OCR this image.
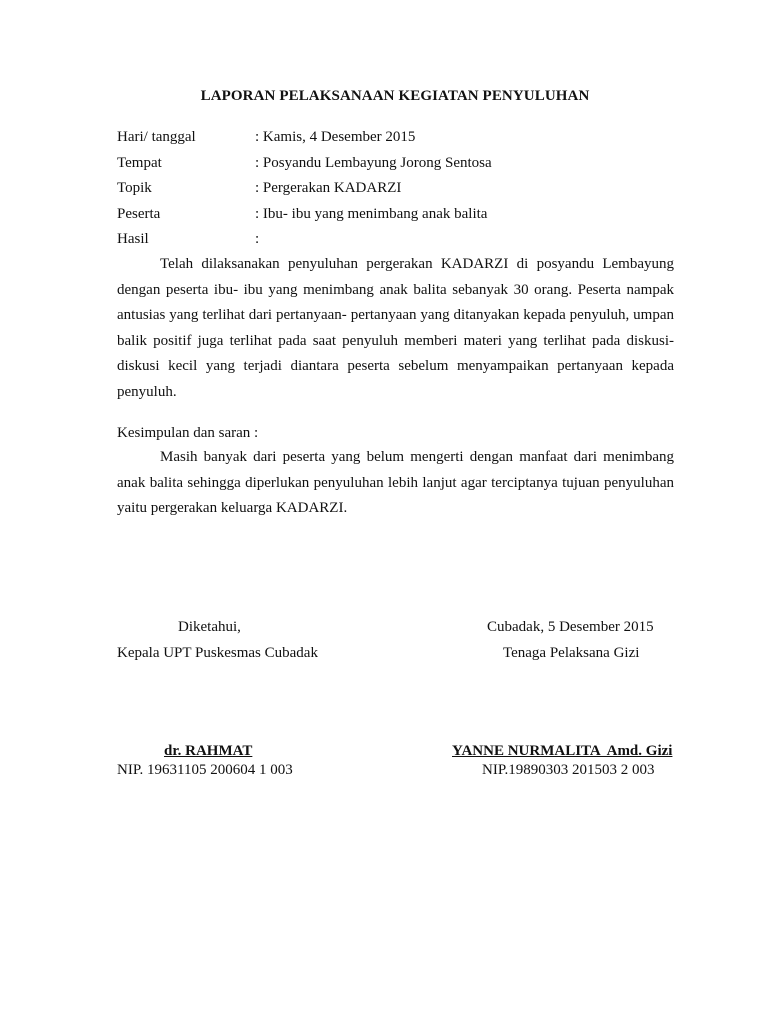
LAPORAN PELAKSANAAN KEGIATAN PENYULUHAN
Hari/ tanggal	: Kamis, 4 Desember 2015
Tempat	: Posyandu Lembayung Jorong Sentosa
Topik	: Pergerakan KADARZI
Peserta	: Ibu- ibu yang menimbang anak balita
Hasil	:

Telah dilaksanakan penyuluhan pergerakan KADARZI di posyandu Lembayung dengan peserta ibu- ibu yang menimbang anak balita sebanyak 30 orang. Peserta nampak antusias yang terlihat dari pertanyaan- pertanyaan yang ditanyakan kepada penyuluh, umpan balik positif juga terlihat pada saat penyuluh memberi materi yang terlihat pada diskusi- diskusi kecil yang terjadi diantara peserta sebelum menyampaikan pertanyaan kepada penyuluh.

Kesimpulan dan saran :

Masih banyak dari peserta yang belum mengerti dengan manfaat dari menimbang anak balita sehingga diperlukan penyuluhan lebih lanjut agar terciptanya tujuan penyuluhan yaitu pergerakan keluarga KADARZI.

Diketahui,
Kepala UPT Puskesmas Cubadak
Cubadak, 5 Desember 2015
Tenaga Pelaksana Gizi
dr. RAHMAT
NIP. 19631105 200604 1 003
YANNE NURMALITA  Amd. Gizi
NIP.19890303 201503 2 003
